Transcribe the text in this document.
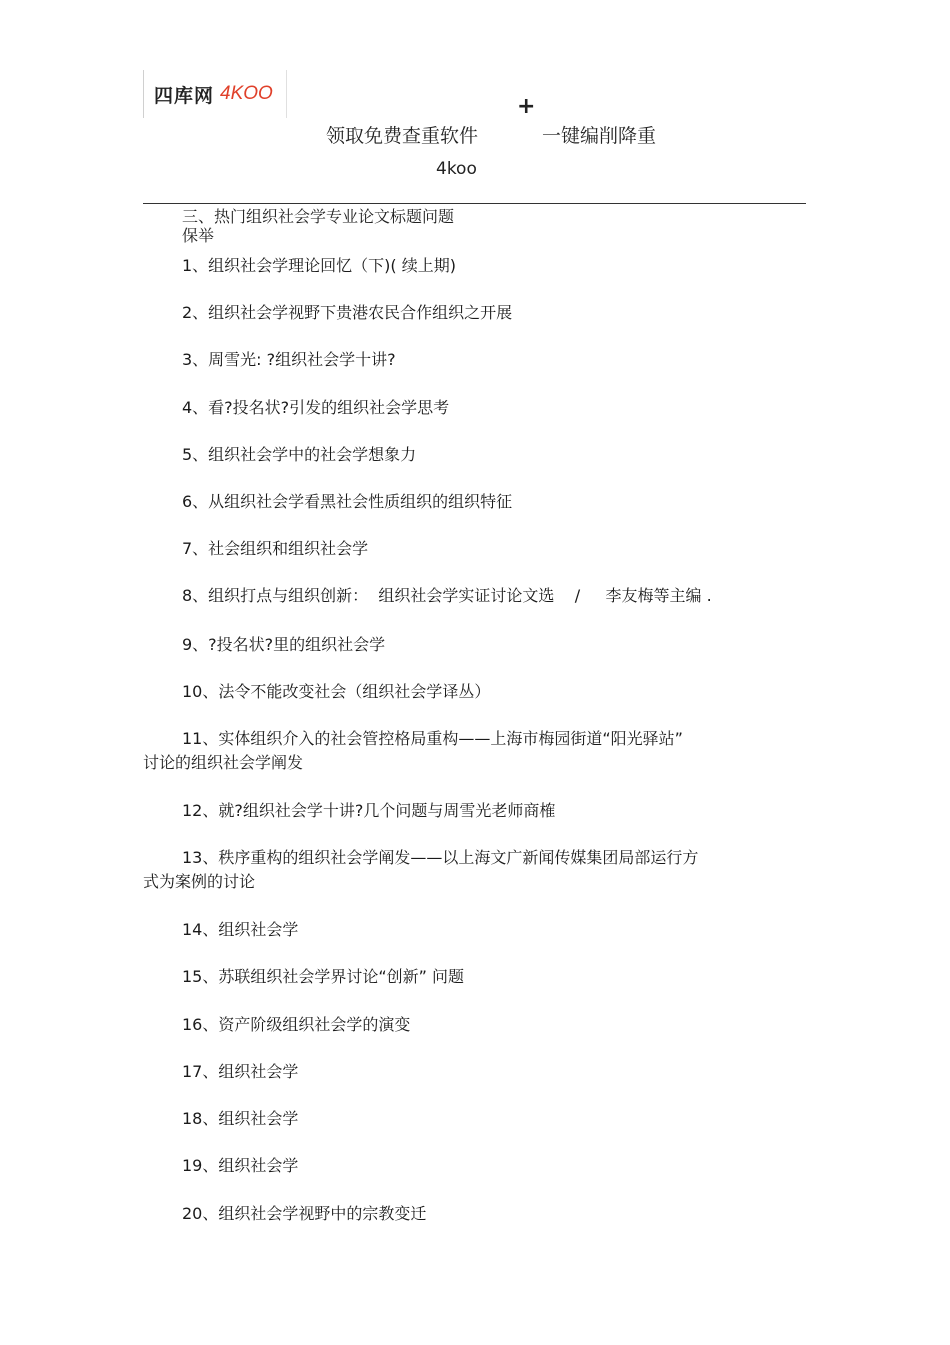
四库网 4KOO
+
领取免费查重软件	一键编削降重
4koo
三、热门组织社会学专业论文标题问题
保举
1、组织社会学理论回忆（下)( 续上期)
2、组织社会学视野下贵港农民合作组织之开展
3、周雪光: ?组织社会学十讲?
4、看?投名状?引发的组织社会学思考
5、组织社会学中的社会学想象力
6、从组织社会学看黑社会性质组织的组织特征
7、社会组织和组织社会学
8、组织打点与组织创新：  组织社会学实证讨论文选    /     李友梅等主编 .
9、?投名状?里的组织社会学
10、法令不能改变社会（组织社会学译丛）
11、实体组织介入的社会管控格局重构——上海市梅园街道“阳光驿站”
讨论的组织社会学阐发
12、就?组织社会学十讲?几个问题与周雪光老师商榷
13、秩序重构的组织社会学阐发——以上海文广新闻传媒集团局部运行方
式为案例的讨论
14、组织社会学
15、苏联组织社会学界讨论“创新” 问题
16、资产阶级组织社会学的演变
17、组织社会学
18、组织社会学
19、组织社会学
20、组织社会学视野中的宗教变迁
